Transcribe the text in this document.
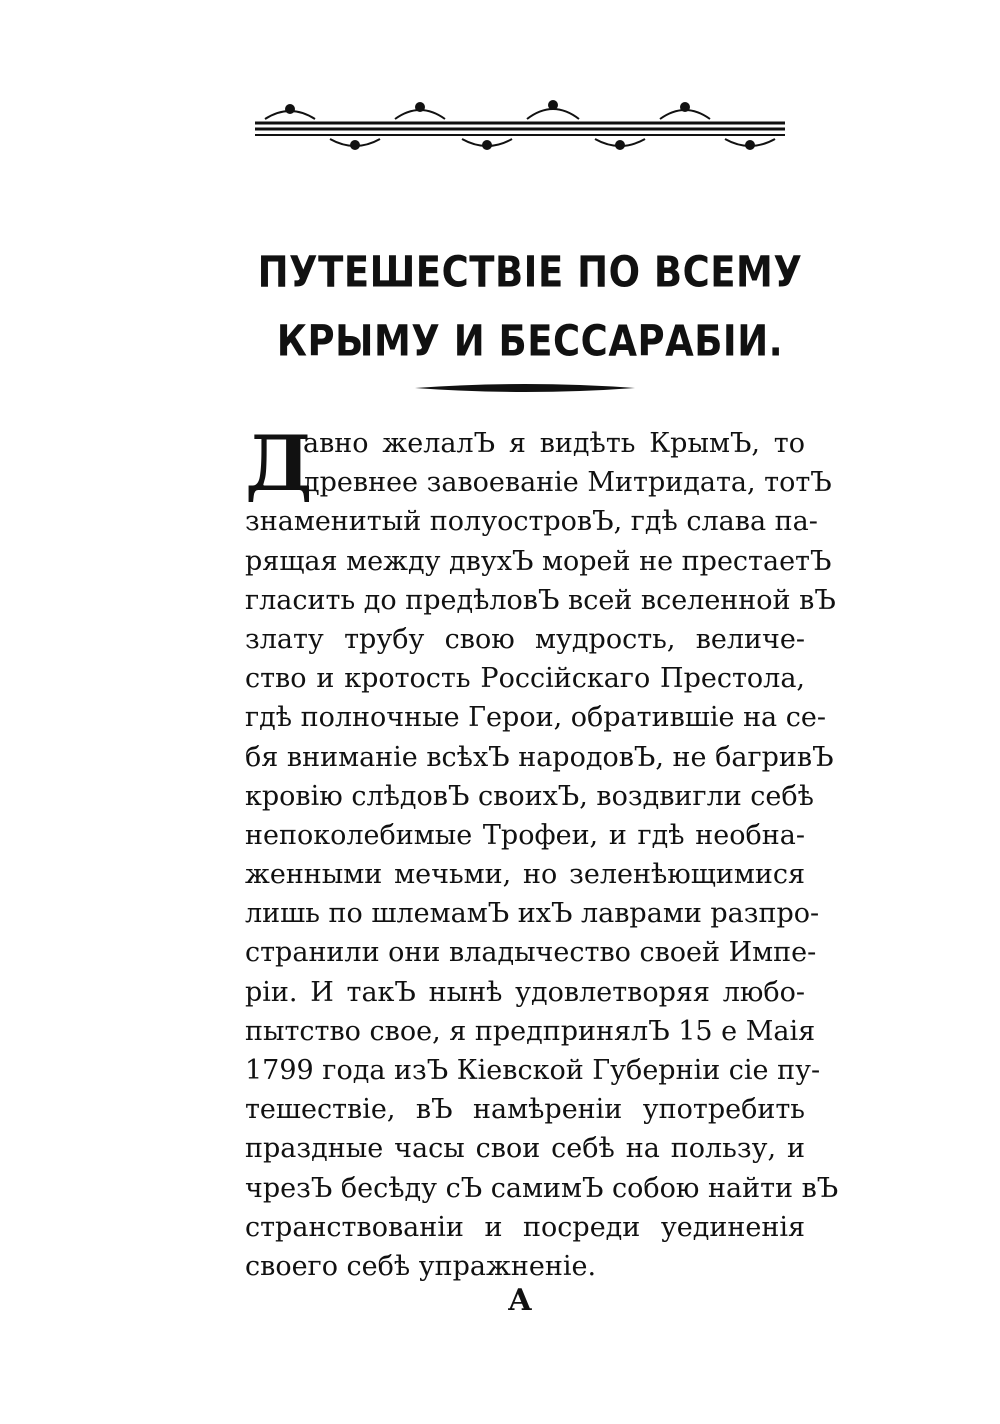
ПУТЕШЕСТВІЕ ПО ВСЕМУ
КРЫМУ И БЕССАРАБІИ.
Д
авно желалЪ я видѣть КрымЪ, то
древнее завоеваніе Митридата, тотЪ
знаменитый полуостровЪ, гдѣ слава па-
рящая между двухЪ морей не престаетЪ
гласить до предѣловЪ всей вселенной вЪ
злату трубу свою мудрость, величе-
ство и кротость Россійскаго Престола,
гдѣ полночные Герои, обратившіе на се-
бя вниманіе всѣхЪ народовЪ, не багривЪ
кровію слѣдовЪ своихЪ, воздвигли себѣ
непоколебимые Трофеи, и гдѣ необна-
женными мечьми, но зеленѣющимися
лишь по шлемамЪ ихЪ лаврами разпро-
странили они владычество своей Импе-
ріи. И такЪ нынѣ удовлетворяя любо-
пытство свое, я предпринялЪ 15 е Маія
1799 года изЪ Кіевской Губерніи сіе пу-
тешествіе, вЪ намѣреніи употребить
праздные часы свои себѣ на пользу, и
чрезЪ бесѣду сЪ самимЪ собою найти вЪ
странствованіи и посреди уединенія
своего себѣ упражненіе.
А
